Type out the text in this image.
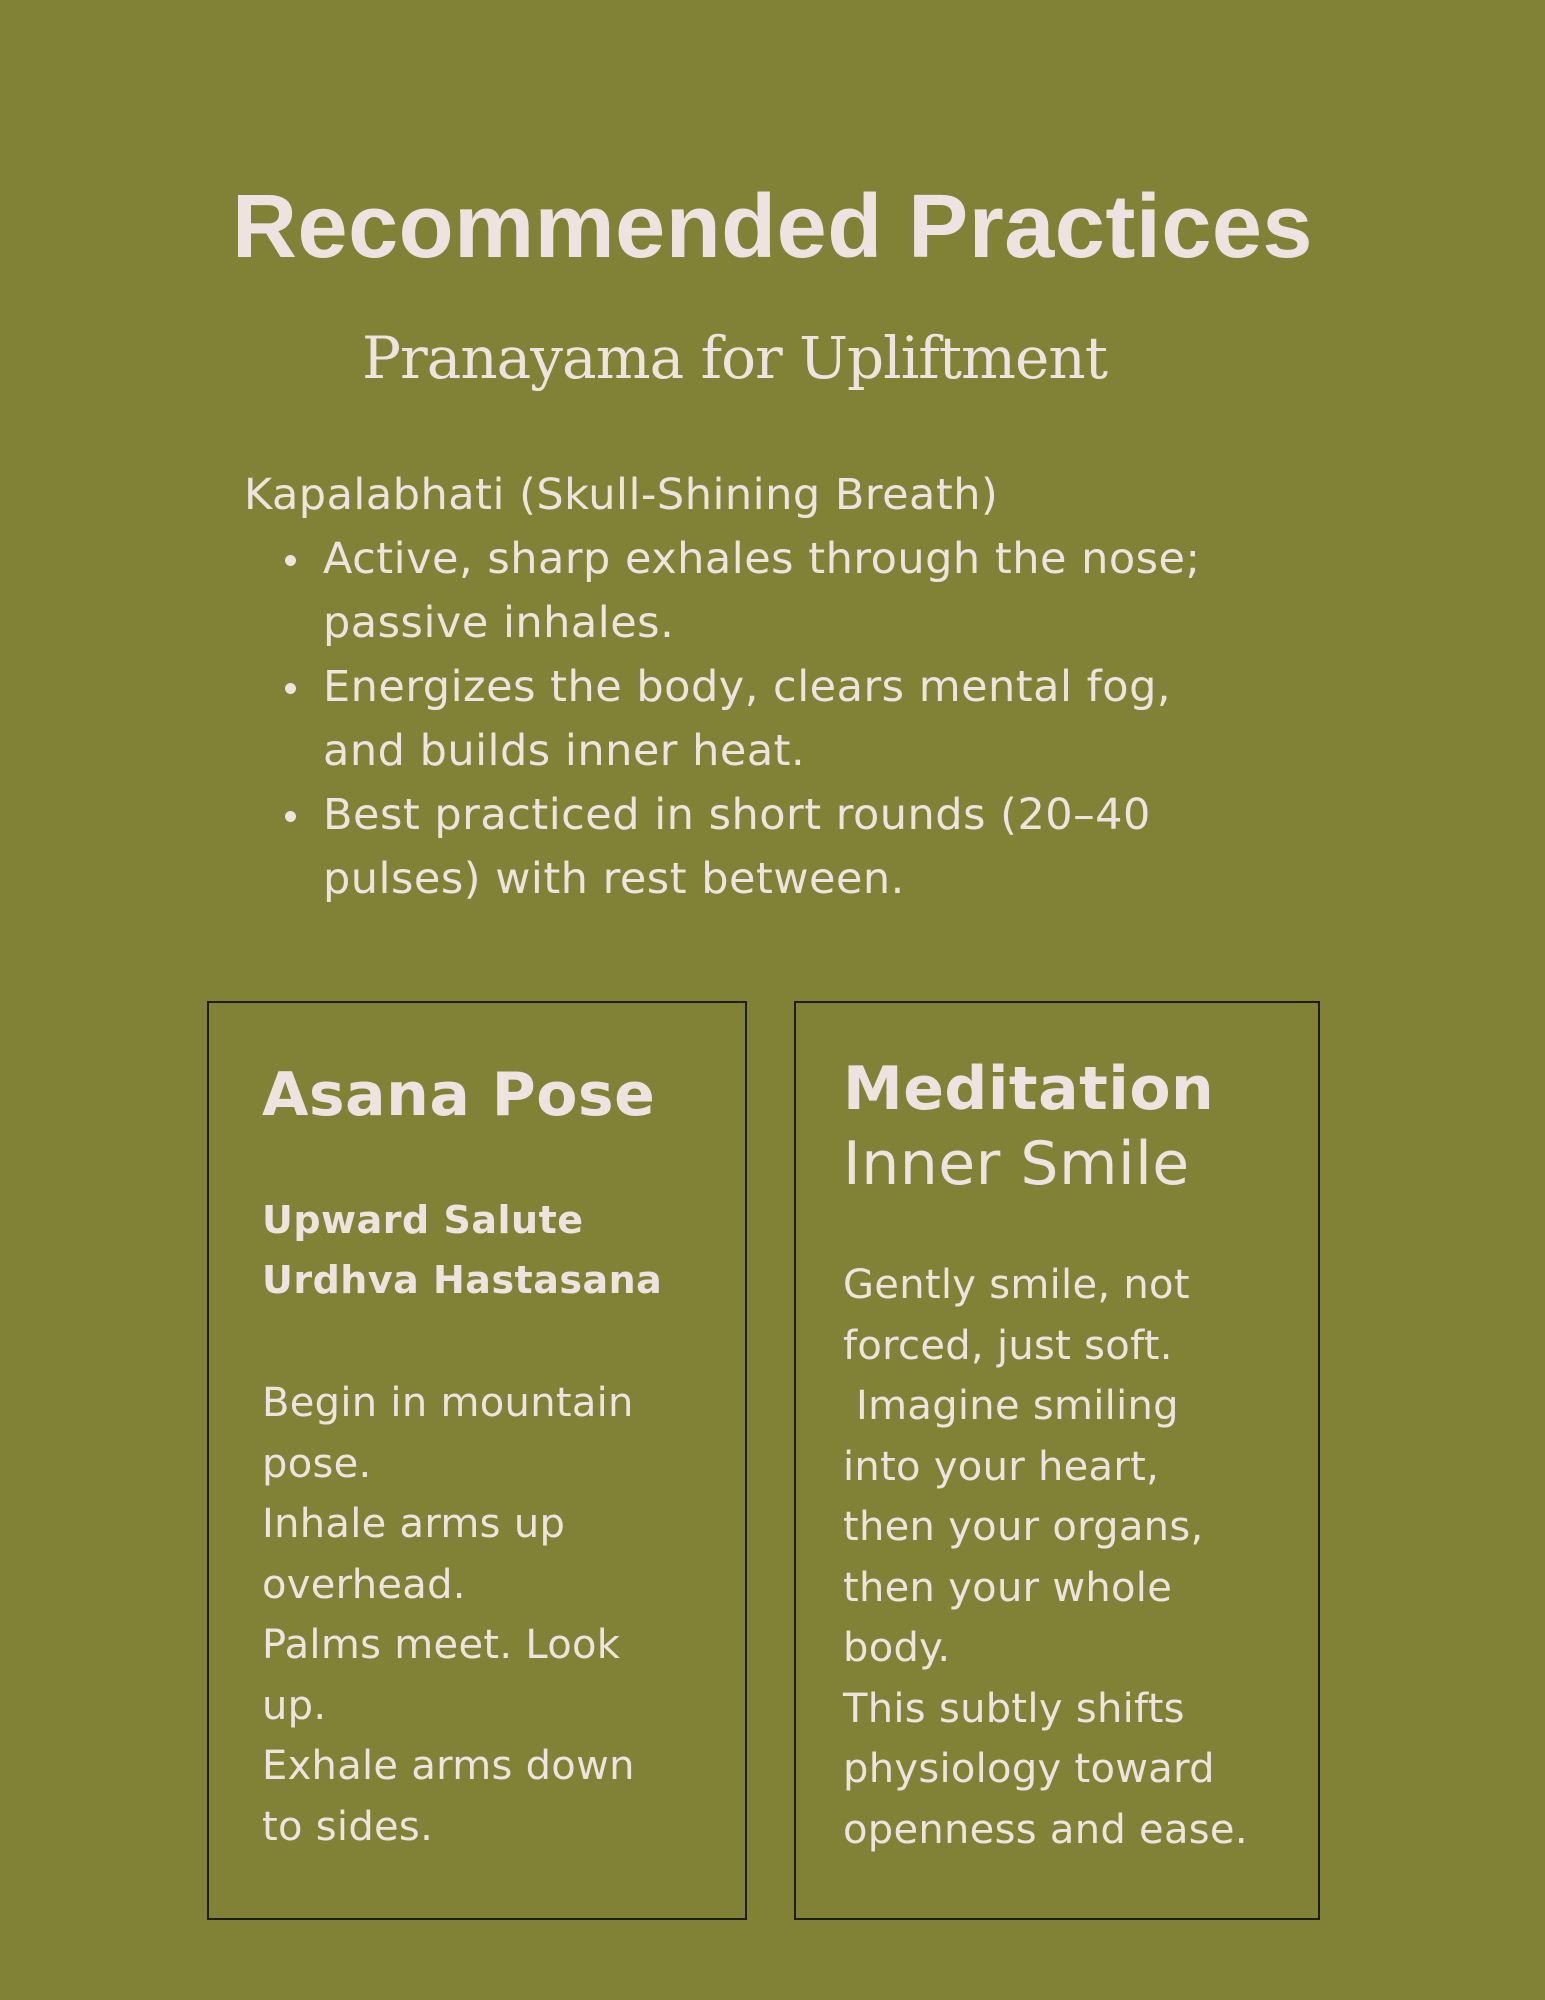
Recommended Practices
Pranayama for Upliftment
Kapalabhati (Skull-Shining Breath)
Active, sharp exhales through the nose;
passive inhales.
Energizes the body, clears mental fog,
and builds inner heat.
Best practiced in short rounds (20–40
pulses) with rest between.
Asana Pose
Upward Salute
Urdhva Hastasana
Begin in mountain
pose.
Inhale arms up
overhead.
Palms meet. Look
up.
Exhale arms down
to sides.
Meditation
Inner Smile
Gently smile, not
forced, just soft.
Imagine smiling
into your heart,
then your organs,
then your whole
body.
This subtly shifts
physiology toward
openness and ease.
